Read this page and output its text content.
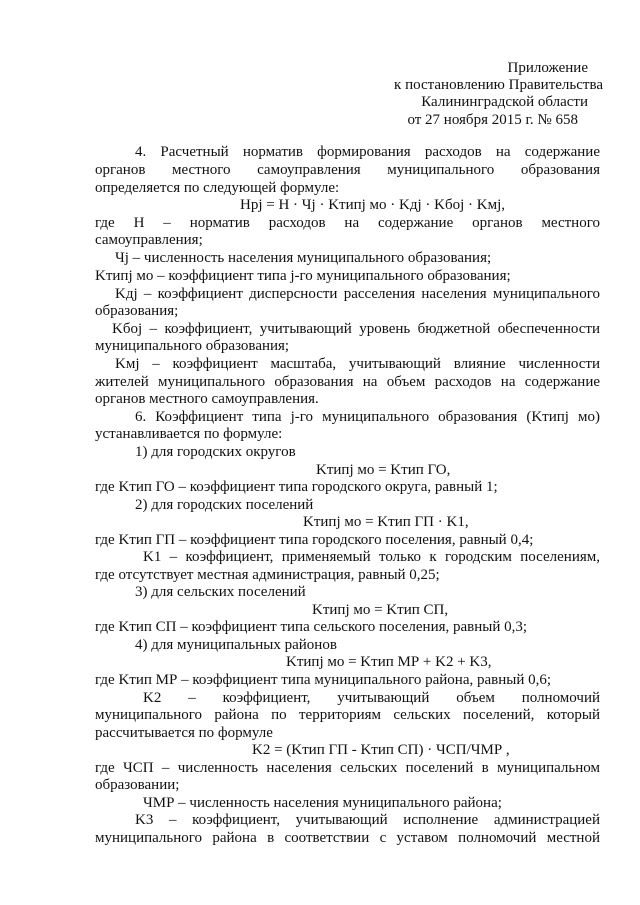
Приложение
к постановлению Правительства
Калининградской области
от 27 ноября 2015 г. № 658
4. Расчетный норматив формирования расходов на содержание
органов местного самоуправления муниципального образования
определяется по следующей формуле:
Hpj = H · Чj · Kтипj мо · Kдj · Kбoj · Kмj,
где Н – норматив расходов на содержание органов местного
самоуправления;
Чj – численность населения муниципального образования;
Kтипj мо – коэффициент типа j-го муниципального образования;
Kдj – коэффициент дисперсности расселения населения муниципального
образования;
Kбoj – коэффициент, учитывающий уровень бюджетной обеспеченности
муниципального образования;
Kмj – коэффициент масштаба, учитывающий влияние численности
жителей муниципального образования на объем расходов на содержание
органов местного самоуправления.
6. Коэффициент типа j-го муниципального образования (Kтипj мо)
устанавливается по формуле:
1) для городских округов
Kтипj мо = Kтип ГО,
где Kтип ГО – коэффициент типа городского округа, равный 1;
2) для городских поселений
Kтипj мо = Kтип ГП · K1,
где Kтип ГП – коэффициент типа городского поселения, равный 0,4;
K1 – коэффициент, применяемый только к городским поселениям,
где отсутствует местная администрация, равный 0,25;
3) для сельских поселений
Kтипj мо = Kтип СП,
где Kтип СП – коэффициент типа сельского поселения, равный 0,3;
4) для муниципальных районов
Kтипj мо = Kтип МР + K2 + K3,
где Kтип МР – коэффициент типа муниципального района, равный 0,6;
K2 – коэффициент, учитывающий объем полномочий
муниципального района по территориям сельских поселений, который
рассчитывается по формуле
K2 = (Kтип ГП - Kтип СП) · ЧСП/ЧМР ,
где ЧСП – численность населения сельских поселений в муниципальном
образовании;
ЧМР – численность населения муниципального района;
K3 – коэффициент, учитывающий исполнение администрацией
муниципального района в соответствии с уставом полномочий местной
